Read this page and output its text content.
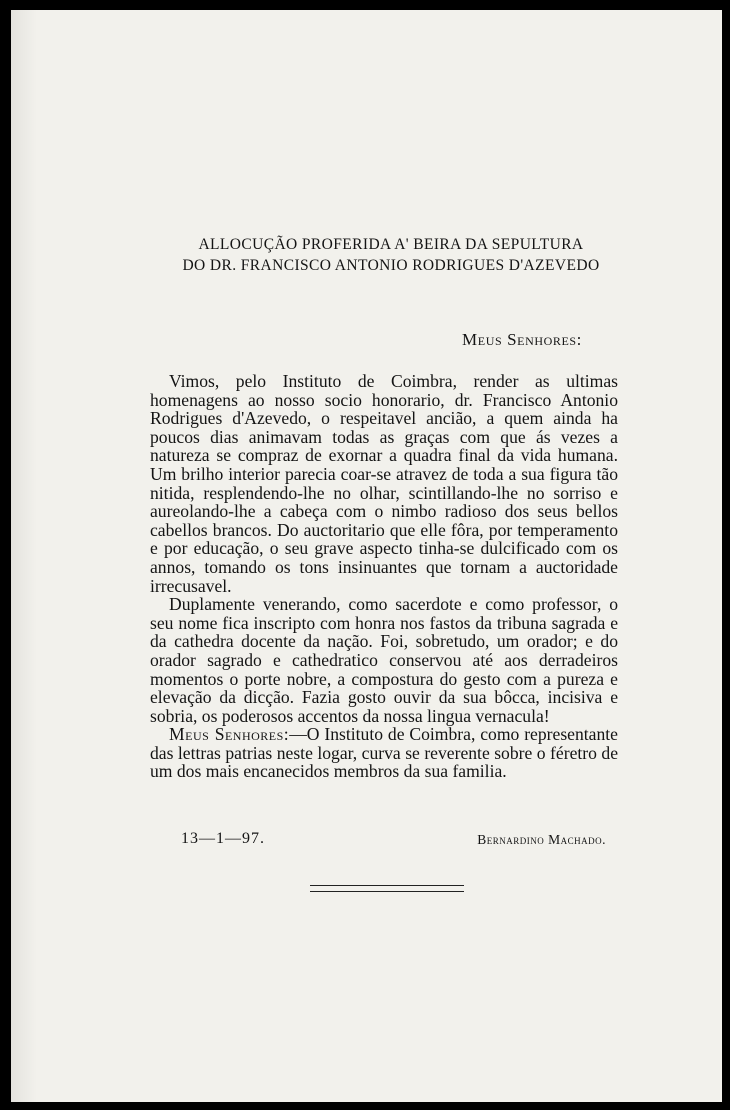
ALLOCUÇÃO PROFERIDA A' BEIRA DA SEPULTURA
DO DR. FRANCISCO ANTONIO RODRIGUES D'AZEVEDO
Meus Senhores:

Vimos, pelo Instituto de Coimbra, render as ultimas homenagens ao nosso socio honorario, dr. Francisco Antonio Rodrigues d'Azevedo, o respeitavel ancião, a quem ainda ha poucos dias animavam todas as graças com que ás vezes a natureza se compraz de exornar a quadra final da vida humana. Um brilho interior parecia coar-se atravez de toda a sua figura tão nitida, resplendendo-lhe no olhar, scintillando-lhe no sorriso e aureolando-lhe a cabeça com o nimbo radioso dos seus bellos cabellos brancos. Do auctoritario que elle fôra, por temperamento e por educação, o seu grave aspecto tinha-se dulcificado com os annos, tomando os tons insinuantes que tornam a auctoridade irrecusavel.

Duplamente venerando, como sacerdote e como professor, o seu nome fica inscripto com honra nos fastos da tribuna sagrada e da cathedra docente da nação. Foi, sobretudo, um orador; e do orador sagrado e cathedratico conservou até aos derradeiros momentos o porte nobre, a compostura do gesto com a pureza e elevação da dicção. Fazia gosto ouvir da sua bôcca, incisiva e sobria, os poderosos accentos da nossa lingua vernacula!

Meus Senhores:—O Instituto de Coimbra, como representante das lettras patrias neste logar, curva se reverente sobre o féretro de um dos mais encanecidos membros da sua familia.

13—1—97.	Bernardino Machado.
